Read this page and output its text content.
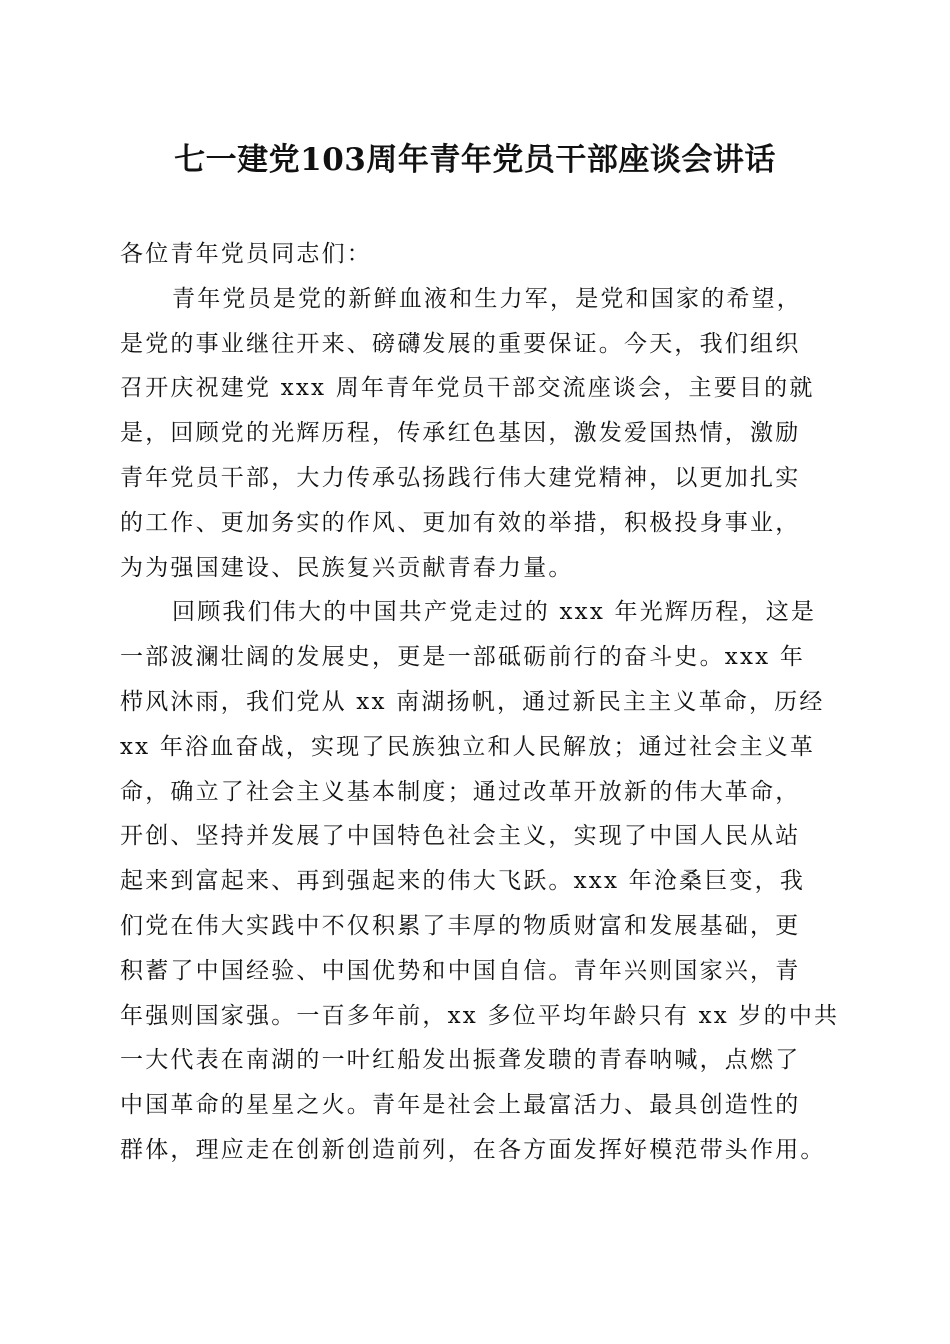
七一建党103周年青年党员干部座谈会讲话
各位青年党员同志们：
青年党员是党的新鲜血液和生力军，是党和国家的希望，
是党的事业继往开来、磅礴发展的重要保证。今天，我们组织
召开庆祝建党 xxx 周年青年党员干部交流座谈会，主要目的就
是，回顾党的光辉历程，传承红色基因，激发爱国热情，激励
青年党员干部，大力传承弘扬践行伟大建党精神，以更加扎实
的工作、更加务实的作风、更加有效的举措，积极投身事业，
为为强国建设、民族复兴贡献青春力量。
回顾我们伟大的中国共产党走过的 xxx 年光辉历程，这是
一部波澜壮阔的发展史，更是一部砥砺前行的奋斗史。xxx 年
栉风沐雨，我们党从 xx 南湖扬帆，通过新民主主义革命，历经
xx 年浴血奋战，实现了民族独立和人民解放；通过社会主义革
命，确立了社会主义基本制度；通过改革开放新的伟大革命，
开创、坚持并发展了中国特色社会主义，实现了中国人民从站
起来到富起来、再到强起来的伟大飞跃。xxx 年沧桑巨变，我
们党在伟大实践中不仅积累了丰厚的物质财富和发展基础，更
积蓄了中国经验、中国优势和中国自信。青年兴则国家兴，青
年强则国家强。一百多年前，xx 多位平均年龄只有 xx 岁的中共
一大代表在南湖的一叶红船发出振聋发聩的青春呐喊，点燃了
中国革命的星星之火。青年是社会上最富活力、最具创造性的
群体，理应走在创新创造前列，在各方面发挥好模范带头作用。
